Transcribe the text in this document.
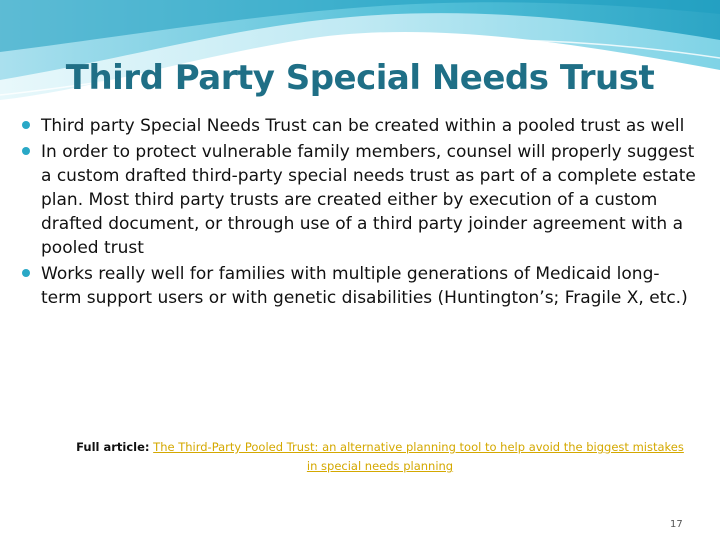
Third Party Special Needs Trust
Third party Special Needs Trust can be created within a pooled trust as well
In order to protect vulnerable family members, counsel will properly suggest a custom drafted third-party special needs trust as part of a complete estate plan. Most third party trusts are created either by execution of a custom drafted document, or through use of a third party joinder agreement with a pooled trust
Works really well for families with multiple generations of Medicaid long-term support users or with genetic disabilities (Huntington’s; Fragile X, etc.)
Full article: The Third-Party Pooled Trust: an alternative planning tool to help avoid the biggest mistakes in special needs planning
17
